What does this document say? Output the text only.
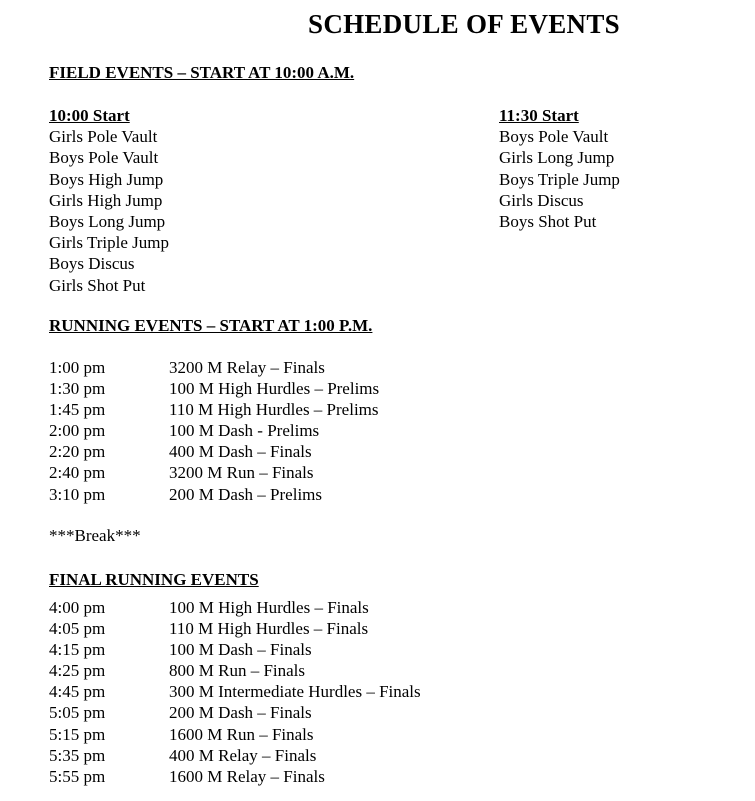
SCHEDULE OF EVENTS
FIELD EVENTS – START AT 10:00 A.M.
10:00 Start
Girls Pole Vault
Boys Pole Vault
Boys High Jump
Girls High Jump
Boys Long Jump
Girls Triple Jump
Boys Discus
Girls Shot Put
11:30 Start
Boys Pole Vault
Girls Long Jump
Boys Triple Jump
Girls Discus
Boys Shot Put
RUNNING EVENTS – START AT 1:00 P.M.
1:00 pm	3200 M Relay – Finals
1:30 pm	100 M High Hurdles – Prelims
1:45 pm	110 M High Hurdles – Prelims
2:00 pm	100 M Dash - Prelims
2:20 pm	400 M Dash – Finals
2:40 pm	3200 M Run – Finals
3:10 pm	200 M Dash – Prelims
***Break***
FINAL RUNNING EVENTS
4:00 pm	100 M High Hurdles – Finals
4:05 pm	110 M High Hurdles – Finals
4:15 pm	100 M Dash – Finals
4:25 pm	800 M Run – Finals
4:45 pm	300 M Intermediate Hurdles – Finals
5:05 pm	200 M Dash – Finals
5:15 pm	1600 M Run – Finals
5:35 pm	400 M Relay – Finals
5:55 pm	1600 M Relay – Finals
